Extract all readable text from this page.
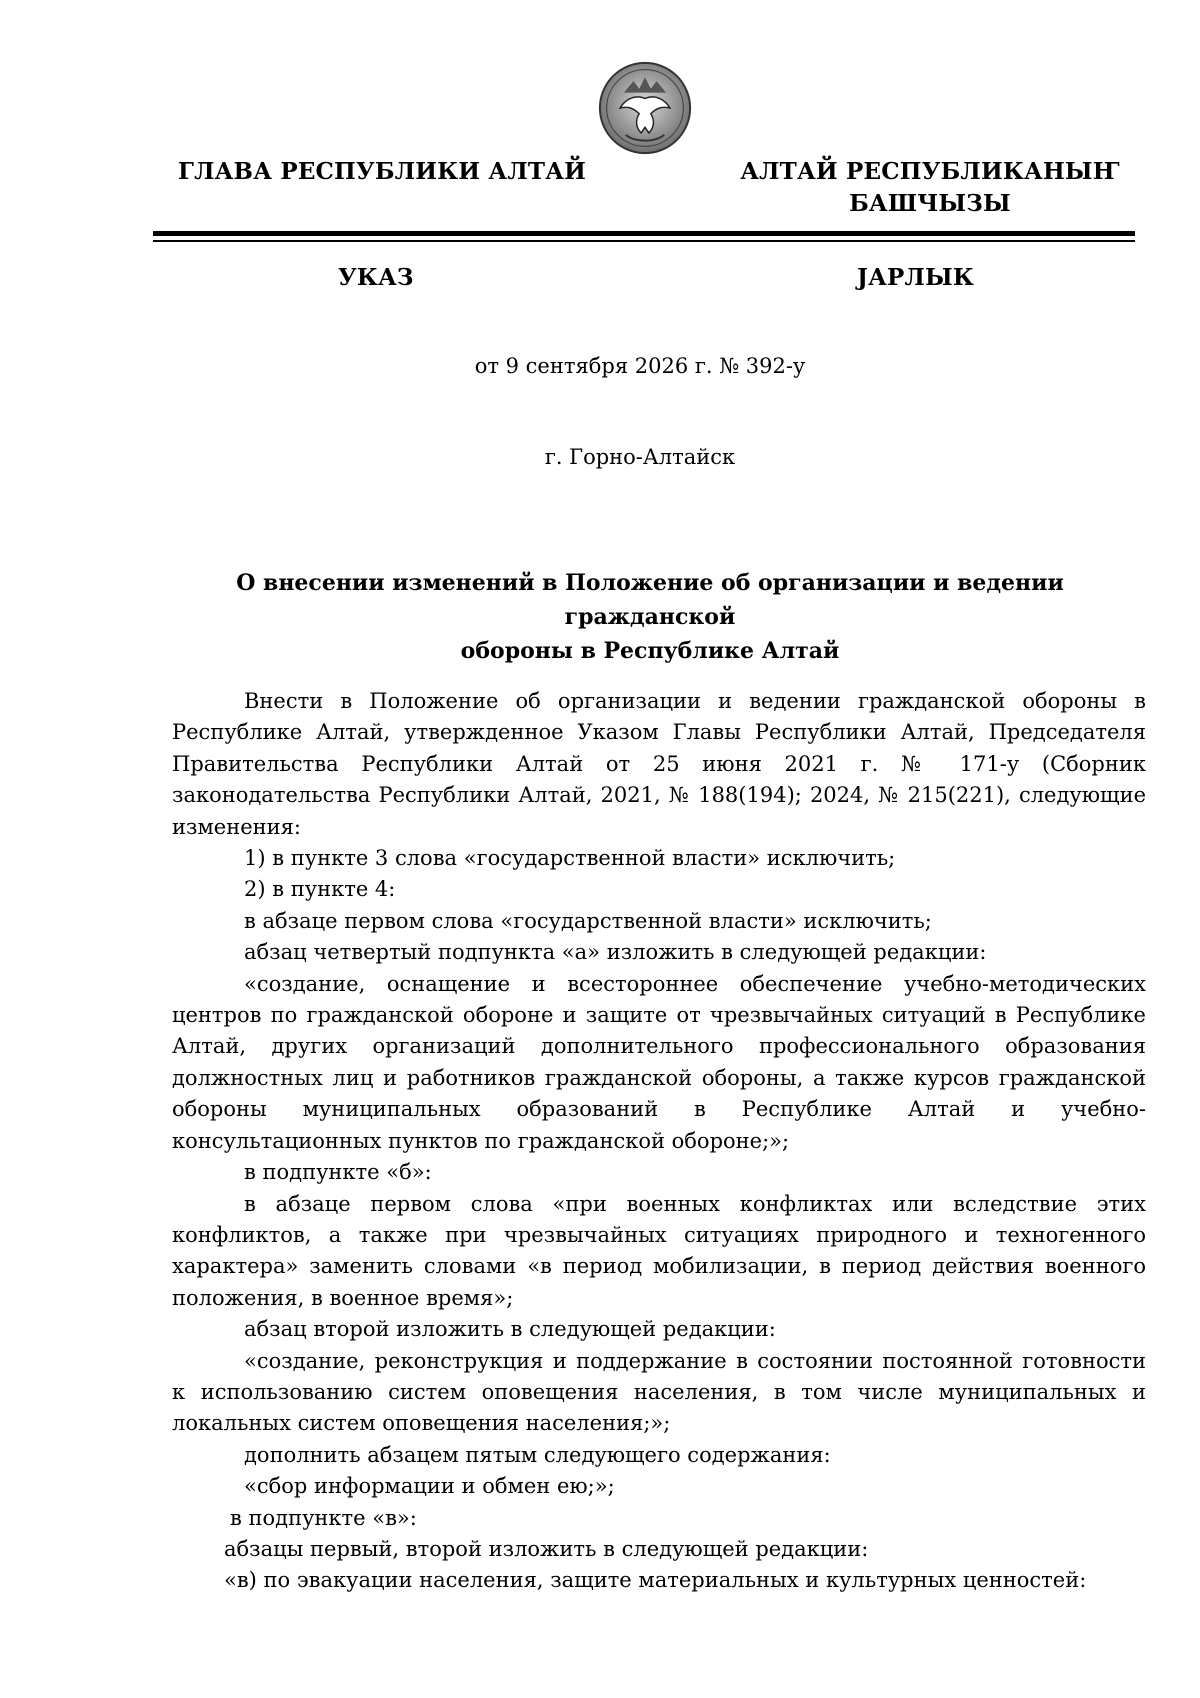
ГЛАВА РЕСПУБЛИКИ АЛТАЙ	АЛТАЙ РЕСПУБЛИКАНЫҤ
БАШЧЫЗЫ
УКАЗ	JАРЛЫК
от 9 сентября 2026 г. № 392-у
г. Горно-Алтайск
О внесении изменений в Положение об организации и ведении гражданской
обороны в Республике Алтай

Внести в Положение об организации и ведении гражданской обороны в Республике Алтай, утвержденное Указом Главы Республики Алтай, Председателя Правительства Республики Алтай от 25 июня 2021 г. № 171-у (Сборник законодательства Республики Алтай, 2021, № 188(194); 2024, № 215(221), следующие изменения:

1) в пункте 3 слова «государственной власти» исключить;

2) в пункте 4:

в абзаце первом слова «государственной власти» исключить;

абзац четвертый подпункта «а» изложить в следующей редакции:

«создание, оснащение и всестороннее обеспечение учебно-методических центров по гражданской обороне и защите от чрезвычайных ситуаций в Республике Алтай, других организаций дополнительного профессионального образования должностных лиц и работников гражданской обороны, а также курсов гражданской обороны муниципальных образований в Республике Алтай и учебно-консультационных пунктов по гражданской обороне;»;

в подпункте «б»:

в абзаце первом слова «при военных конфликтах или вследствие этих конфликтов, а также при чрезвычайных ситуациях природного и техногенного характера» заменить словами «в период мобилизации, в период действия военного положения, в военное время»;

абзац второй изложить в следующей редакции:

«создание, реконструкция и поддержание в состоянии постоянной готовности к использованию систем оповещения населения, в том числе муниципальных и локальных систем оповещения населения;»;

дополнить абзацем пятым следующего содержания:

«сбор информации и обмен ею;»;

в подпункте «в»:

абзацы первый, второй изложить в следующей редакции:

«в) по эвакуации населения, защите материальных и культурных ценностей:
